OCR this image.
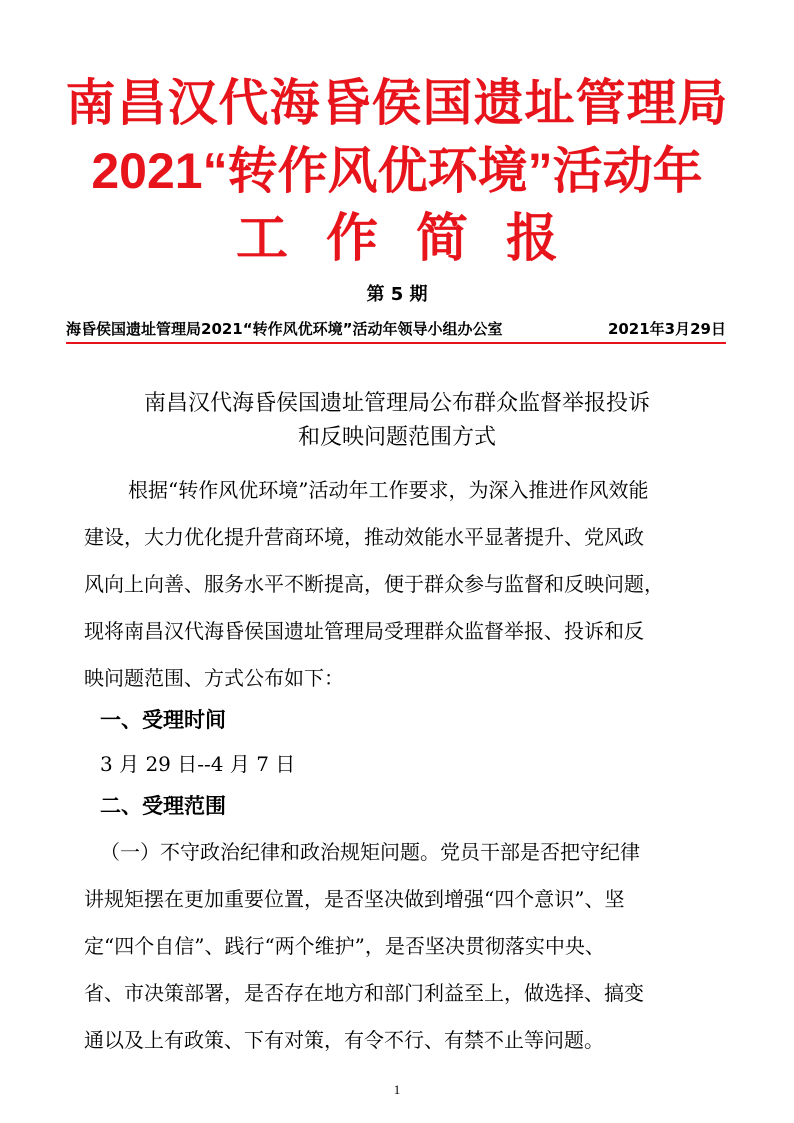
南昌汉代海昏侯国遗址管理局
2021“转作风优环境”活动年
工作简报
第 5 期
海昏侯国遗址管理局2021“转作风优环境”活动年领导小组办公室	2021年3月29日
南昌汉代海昏侯国遗址管理局公布群众监督举报投诉
和反映问题范围方式
根据“转作风优环境”活动年工作要求，为深入推进作风效能
建设，大力优化提升营商环境，推动效能水平显著提升、党风政
风向上向善、服务水平不断提高，便于群众参与监督和反映问题，
现将南昌汉代海昏侯国遗址管理局受理群众监督举报、投诉和反
映问题范围、方式公布如下：
一、受理时间
3 月 29 日--4 月 7 日
二、受理范围
（一）不守政治纪律和政治规矩问题。党员干部是否把守纪律
讲规矩摆在更加重要位置，是否坚决做到增强“四个意识”、坚
定“四个自信”、践行“两个维护”，是否坚决贯彻落实中央、
省、市决策部署，是否存在地方和部门利益至上，做选择、搞变
通以及上有政策、下有对策，有令不行、有禁不止等问题。
1
